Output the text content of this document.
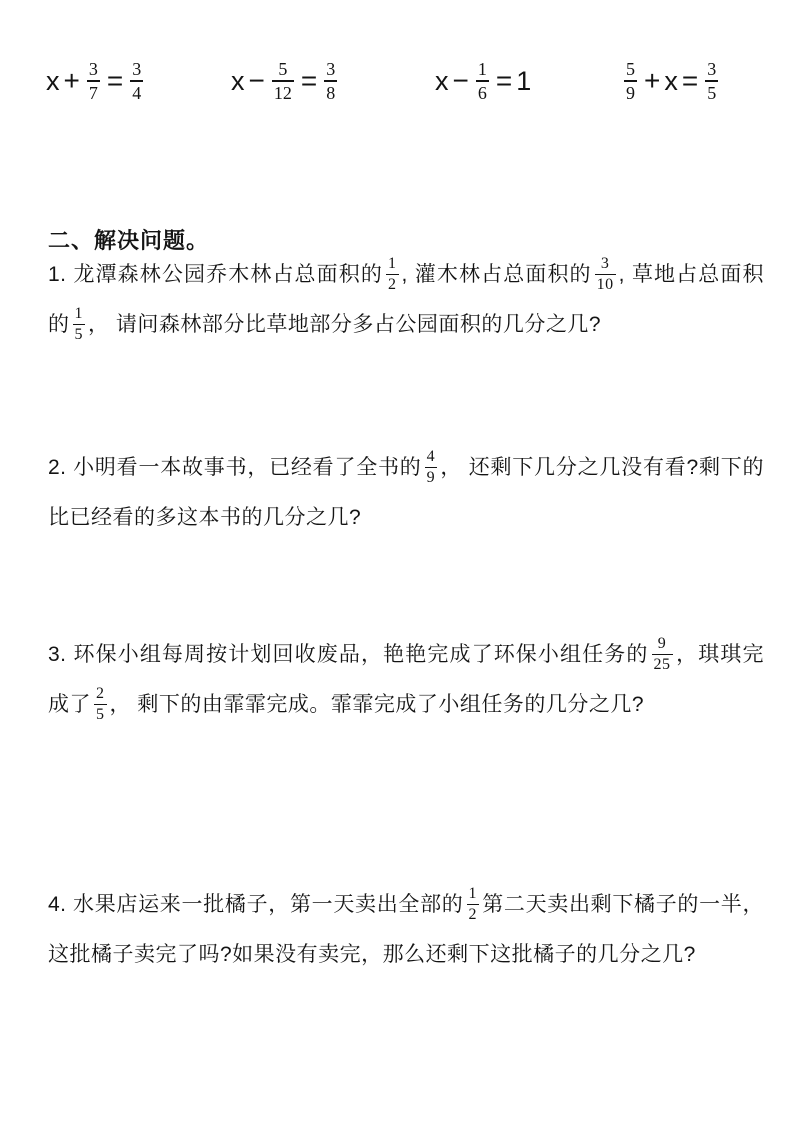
$x + \frac{3}{7} = \frac{3}{4}$	$x - \frac{5}{12} = \frac{3}{8}$	$x - \frac{1}{6} = 1$	$\frac{5}{9} + x = \frac{3}{5}$
二、解决问题。
1. 龙潭森林公园乔木林占总面积的 $\frac{1}{2}$ , 灌木林占总面积的 $\frac{3}{10}$ , 草地占总面积的 $\frac{1}{5}$ ， 请问森林部分比草地部分多占公园面积的几分之几?
2. 小明看一本故事书，已经看了全书的 $\frac{4}{9}$ ， 还剩下几分之几没有看?剩下的比已经看的多这本书的几分之几?
3. 环保小组每周按计划回收废品，艳艳完成了环保小组任务的 $\frac{9}{25}$ ，琪琪完成了 $\frac{2}{5}$ ， 剩下的由霏霏完成。霏霏完成了小组任务的几分之几?
4. 水果店运来一批橘子，第一天卖出全部的 $\frac{1}{2}$ 第二天卖出剩下橘子的一半，这批橘子卖完了吗?如果没有卖完，那么还剩下这批橘子的几分之几?
